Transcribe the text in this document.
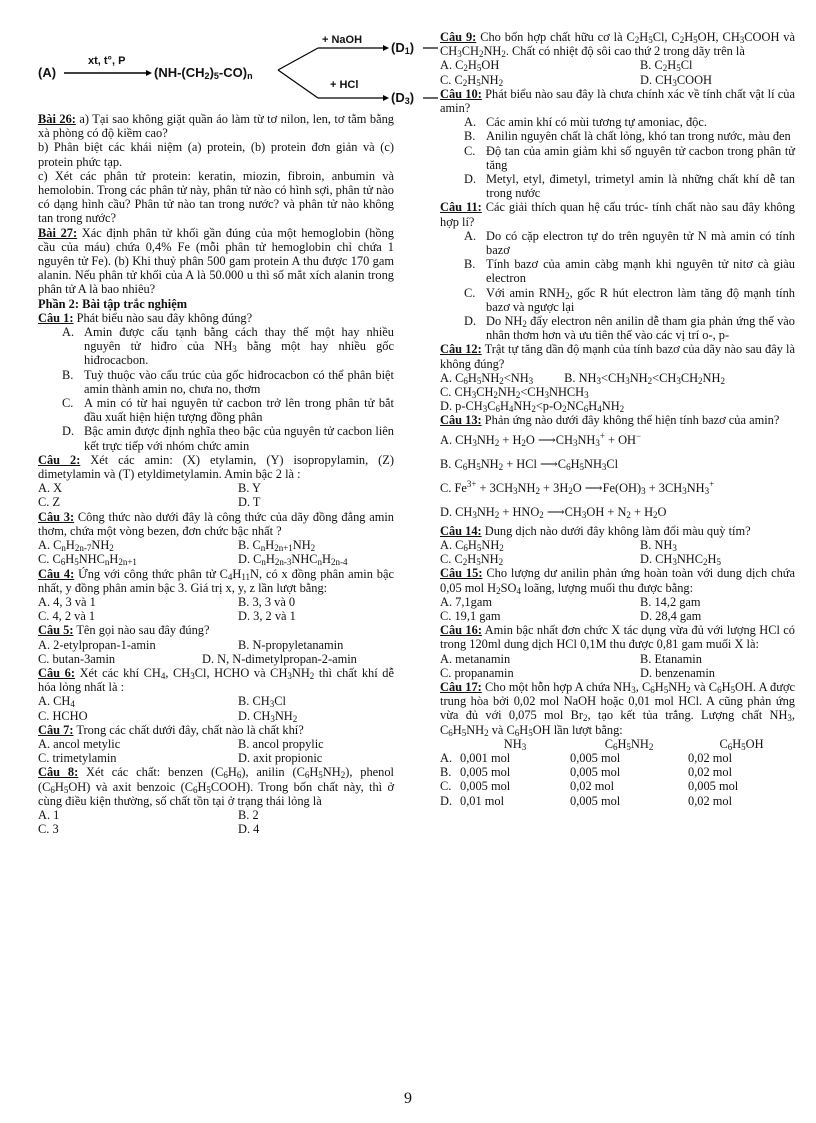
(A)
xt, t°, P
$(NH-(CH_2)_5-CO)_n$
+ NaOH
+ HCl
$(D_1)$
$(D_3)$

Bài 26: a) Tại sao không giặt quần áo làm từ tơ nilon, len, tơ tằm bằng xà phòng có độ kiềm cao?

b) Phân biệt các khái niệm (a) protein, (b) protein đơn giản và (c) protein phức tạp.

c) Xét các phân tử protein: keratin, miozin, fibroin, anbumin và hemolobin. Trong các phân tử này, phân tử nào có hình sợi, phân tử nào có dạng hình cầu? Phân tử nào tan trong nước? và phân tử nào không tan trong nước?

Bài 27: Xác định phân tử khối gần đúng của một hemoglobin (hồng cầu của máu) chứa 0,4% Fe (mỗi phân tử hemoglobin chỉ chứa 1 nguyên tử Fe). (b) Khi thuỷ phân 500 gam protein A thu được 170 gam alanin. Nếu phân tử khối của A là 50.000 u thì số mắt xích alanin trong phân tử A là bao nhiêu?

Phần 2: Bài tập trắc nghiệm

Câu 1: Phát biểu nào sau đây không đúng?

A. Amin được cấu tạnh bằng cách thay thế một hay nhiều nguyên tử hiđro của $NH_3$ bằng một hay nhiều gốc hiđrocacbon.
B. Tuỳ thuộc vào cấu trúc của gốc hiđrocacbon có thể phân biệt amin thành amin no, chưa no, thơm
C. A min có từ hai nguyên tử cacbon trở lên trong phân tử bắt đầu xuất hiện hiện tượng đồng phân
D. Bậc amin được định nghĩa theo bậc của nguyên tử cacbon liên kết trực tiếp với nhóm chức amin

Câu 2: Xét các amin: (X) etylamin, (Y) isopropylamin, (Z) dimetylamin và (T) etyldimetylamin. Amin bậc 2 là :

A. X	B. Y
C. Z	D. T

Câu 3: Công thức nào dưới đây là công thức của dãy đồng đẳng amin thơm, chứa một vòng bezen, đơn chức bậc nhất ?

A. $C_nH_{2n-7}NH_2$	B. $C_nH_{2n+1}NH_2$
C. $C_6H_5NHC_nH_{2n+1}$	D. $C_nH_{2n-3}NHC_nH_{2n-4}$

Câu 4: Ứng với công thức phân tử $C_4H_{11}N$, có x đồng phân amin bậc nhất, y đồng phân amin bậc 3. Giá trị x, y, z lần lượt bằng:

A. 4, 3 và 1	B. 3, 3 và 0
C. 4, 2 và 1	D. 3, 2 và 1

Câu 5: Tên gọi nào sau đây đúng?

A. 2-etylpropan-1-amin	B. N-propyletanamin
C. butan-3amin	D. N, N-dimetylpropan-2-amin

Câu 6: Xét các khí $CH_4$, $CH_3Cl$, HCHO và $CH_3NH_2$ thì chất khí dễ hóa lỏng nhất là :

A. $CH_4$	B. $CH_3Cl$
C. HCHO	D. $CH_3NH_2$

Câu 7: Trong các chất dưới đây, chất nào là chất khí?

A. ancol metylic	B. ancol propylic
C. trimetylamin	D. axit propionic

Câu 8: Xét các chất: benzen $(C_6H_6)$, anilin $(C_6H_5NH_2)$, phenol $(C_6H_5OH)$ và axit benzoic $(C_6H_5COOH)$. Trong bốn chất này, thì ở cùng điều kiện thường, số chất tồn tại ở trạng thái lỏng là

A. 1	B. 2
C. 3	D. 4

Câu 9: Cho bốn hợp chất hữu cơ là $C_2H_5Cl$, $C_2H_5OH$, $CH_3COOH$ và $CH_3CH_2NH_2$. Chất có nhiệt độ sôi cao thứ 2 trong dãy trên là

A. $C_2H_5OH$	B. $C_2H_5Cl$
C. $C_2H_5NH_2$	D. $CH_3COOH$

Câu 10: Phát biểu nào sau đây là chưa chính xác về tính chất vật lí của amin?

A. Các amin khí có mùi tương tự amoniac, độc.
B. Anilin nguyên chất là chất lỏng, khó tan trong nước, màu đen
C. Độ tan của amin giảm khi số nguyên tử cacbon trong phân tử tăng
D. Metyl, etyl, đimetyl, trimetyl amin là những chất khí dễ tan trong nước

Câu 11: Các giải thích quan hệ cấu trúc- tính chất nào sau đây không hợp lí?

A. Do có cặp electron tự do trên nguyên tử N mà amin có tính bazơ
B. Tính bazơ của amin càbg mạnh khi nguyên tử nitơ cà giàu electron
C. Với amin $RNH_2$, gốc R hút electron làm tăng độ mạnh tính bazơ và ngược lại
D. Do $NH_2$ đẩy electron nên anilin dễ tham gia phản ứng thế vào nhân thơm hơn và ưu tiên thế vào các vị trí o-, p-

Câu 12: Trật tự tăng dần độ mạnh của tính bazơ của dãy nào sau đây là không đúng?

A. $C_6H_5NH_2<NH_3$          B. $NH_3<CH_3NH_2<CH_3CH_2NH_2$
C. $CH_3CH_2NH_2<CH_3NHCH_3$
D. $p-CH_3C_6H_4NH_2<p-O_2NC_6H_4NH_2$

Câu 13: Phản ứng nào dưới đây không thể hiện tính bazơ của amin?

A. $CH_3NH_2 + H_2O$ $⟶CH_3NH_3^+ + OH^-$
B. $C_6H_5NH_2$ + HCl $⟶C_6H_5NH_3Cl$
C. $Fe^{3+} + 3CH_3NH_2 + 3H_2O$ $⟶Fe(OH)_3 + 3CH_3NH_3^+$
D. $CH_3NH_2 + HNO_2$ $⟶CH_3OH + N_2 + H_2O$

Câu 14: Dung dịch nào dưới đây không làm đổi màu quỳ tím?

A. $C_6H_5NH_2$	B. $NH_3$
C. $C_2H_5NH_2$	D. $CH_3NHC_2H_5$

Câu 15: Cho lượng dư anilin phản ứng hoàn toàn với dung dịch chứa 0,05 mol $H_2SO_4$ loãng, lượng muối thu được bằng:

A. 7,1gam	B. 14,2 gam
C. 19,1 gam	D. 28,4 gam

Câu 16: Amin bậc nhất đơn chức X tác dụng vừa đủ với lượng HCl có trong 120ml dung dịch HCl 0,1M thu được 0,81 gam muối X là:

A. metanamin	B. Etanamin
C. propanamin	D. benzenamin

Câu 17: Cho một hỗn hợp A chứa $NH_3$, $C_6H_5NH_2$ và $C_6H_5OH$. A được trung hòa bởi 0,02 mol NaOH hoặc 0,01 mol HCl. A cũng phản ứng vừa đủ với 0,075 mol $Br_2$, tạo kết tủa trắng. Lượng chất $NH_3$, $C_6H_5NH_2$ và $C_6H_5OH$ lần lượt bằng:

$NH_3$	$C_6H_5NH_2$	$C_6H_5OH$
A. 0,001 mol	0,005 mol	0,02 mol
B. 0,005 mol	0,005 mol	0,02 mol
C. 0,005 mol	0,02 mol	0,005 mol
D. 0,01 mol	0,005 mol	0,02 mol
9
